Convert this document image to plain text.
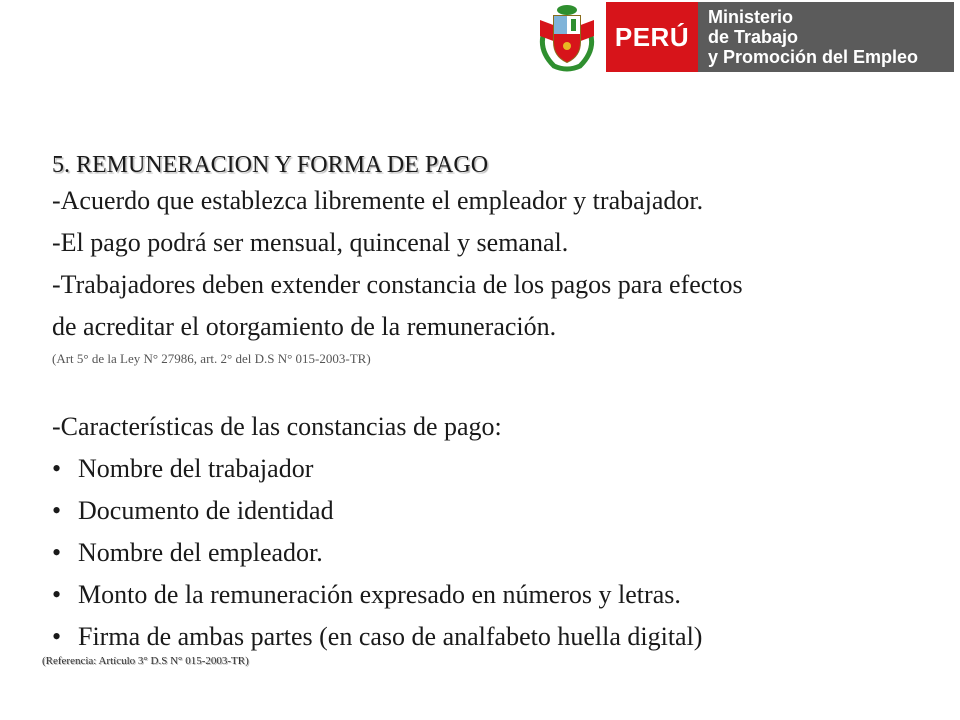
PERÚ
Ministerio
de Trabajo
y Promoción del Empleo
5. REMUNERACION Y FORMA DE PAGO

-Acuerdo que establezca libremente el empleador y trabajador.

-El pago podrá ser mensual, quincenal y semanal.

-Trabajadores deben extender constancia de los pagos para efectos

de acreditar el otorgamiento de la remuneración.

(Art 5° de la Ley N° 27986, art. 2° del D.S N° 015-2003-TR)

-Características de las constancias de pago:

• Nombre del trabajador
• Documento de identidad
• Nombre del empleador.
• Monto de la remuneración expresado en números y letras.
• Firma de ambas partes (en caso de analfabeto huella digital)

(Referencia: Artículo 3° D.S N° 015-2003-TR)
